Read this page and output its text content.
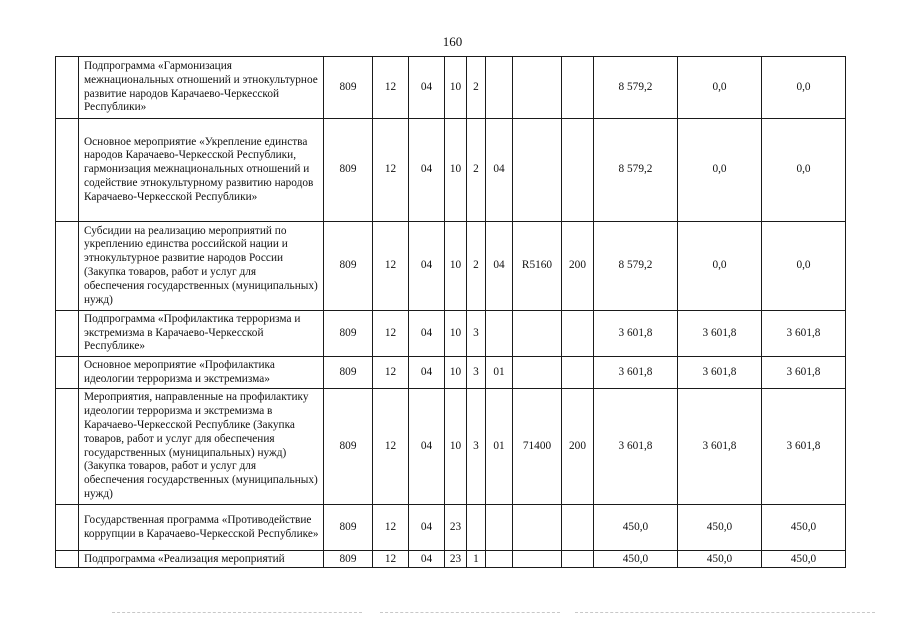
160
	Подпрограмма «Гармонизация межнациональных отношений и этнокультурное развитие народов Карачаево-Черкесской Республики»	809	12	04	10	2				8 579,2	0,0	0,0
	Основное мероприятие «Укрепление единства народов Карачаево-Черкесской Республики, гармонизация межнациональных отношений и содействие этнокультурному развитию народов Карачаево-Черкесской Республики»	809	12	04	10	2	04			8 579,2	0,0	0,0
	Субсидии на реализацию мероприятий по укреплению единства российской нации и этнокультурное развитие народов России (Закупка товаров, работ и услуг для обеспечения государственных (муниципальных) нужд)	809	12	04	10	2	04	R5160	200	8 579,2	0,0	0,0
	Подпрограмма «Профилактика терроризма и экстремизма в Карачаево-Черкесской Республике»	809	12	04	10	3				3 601,8	3 601,8	3 601,8
	Основное мероприятие «Профилактика идеологии терроризма и экстремизма»	809	12	04	10	3	01			3 601,8	3 601,8	3 601,8
	Мероприятия, направленные на профилактику идеологии терроризма и экстремизма в Карачаево-Черкесской Республике (Закупка товаров, работ и услуг для обеспечения государственных (муниципальных) нужд) (Закупка товаров, работ и услуг для обеспечения государственных (муниципальных) нужд)	809	12	04	10	3	01	71400	200	3 601,8	3 601,8	3 601,8
	Государственная программа «Противодействие коррупции в Карачаево-Черкесской Республике»	809	12	04	23					450,0	450,0	450,0
	Подпрограмма «Реализация мероприятий	809	12	04	23	1				450,0	450,0	450,0
